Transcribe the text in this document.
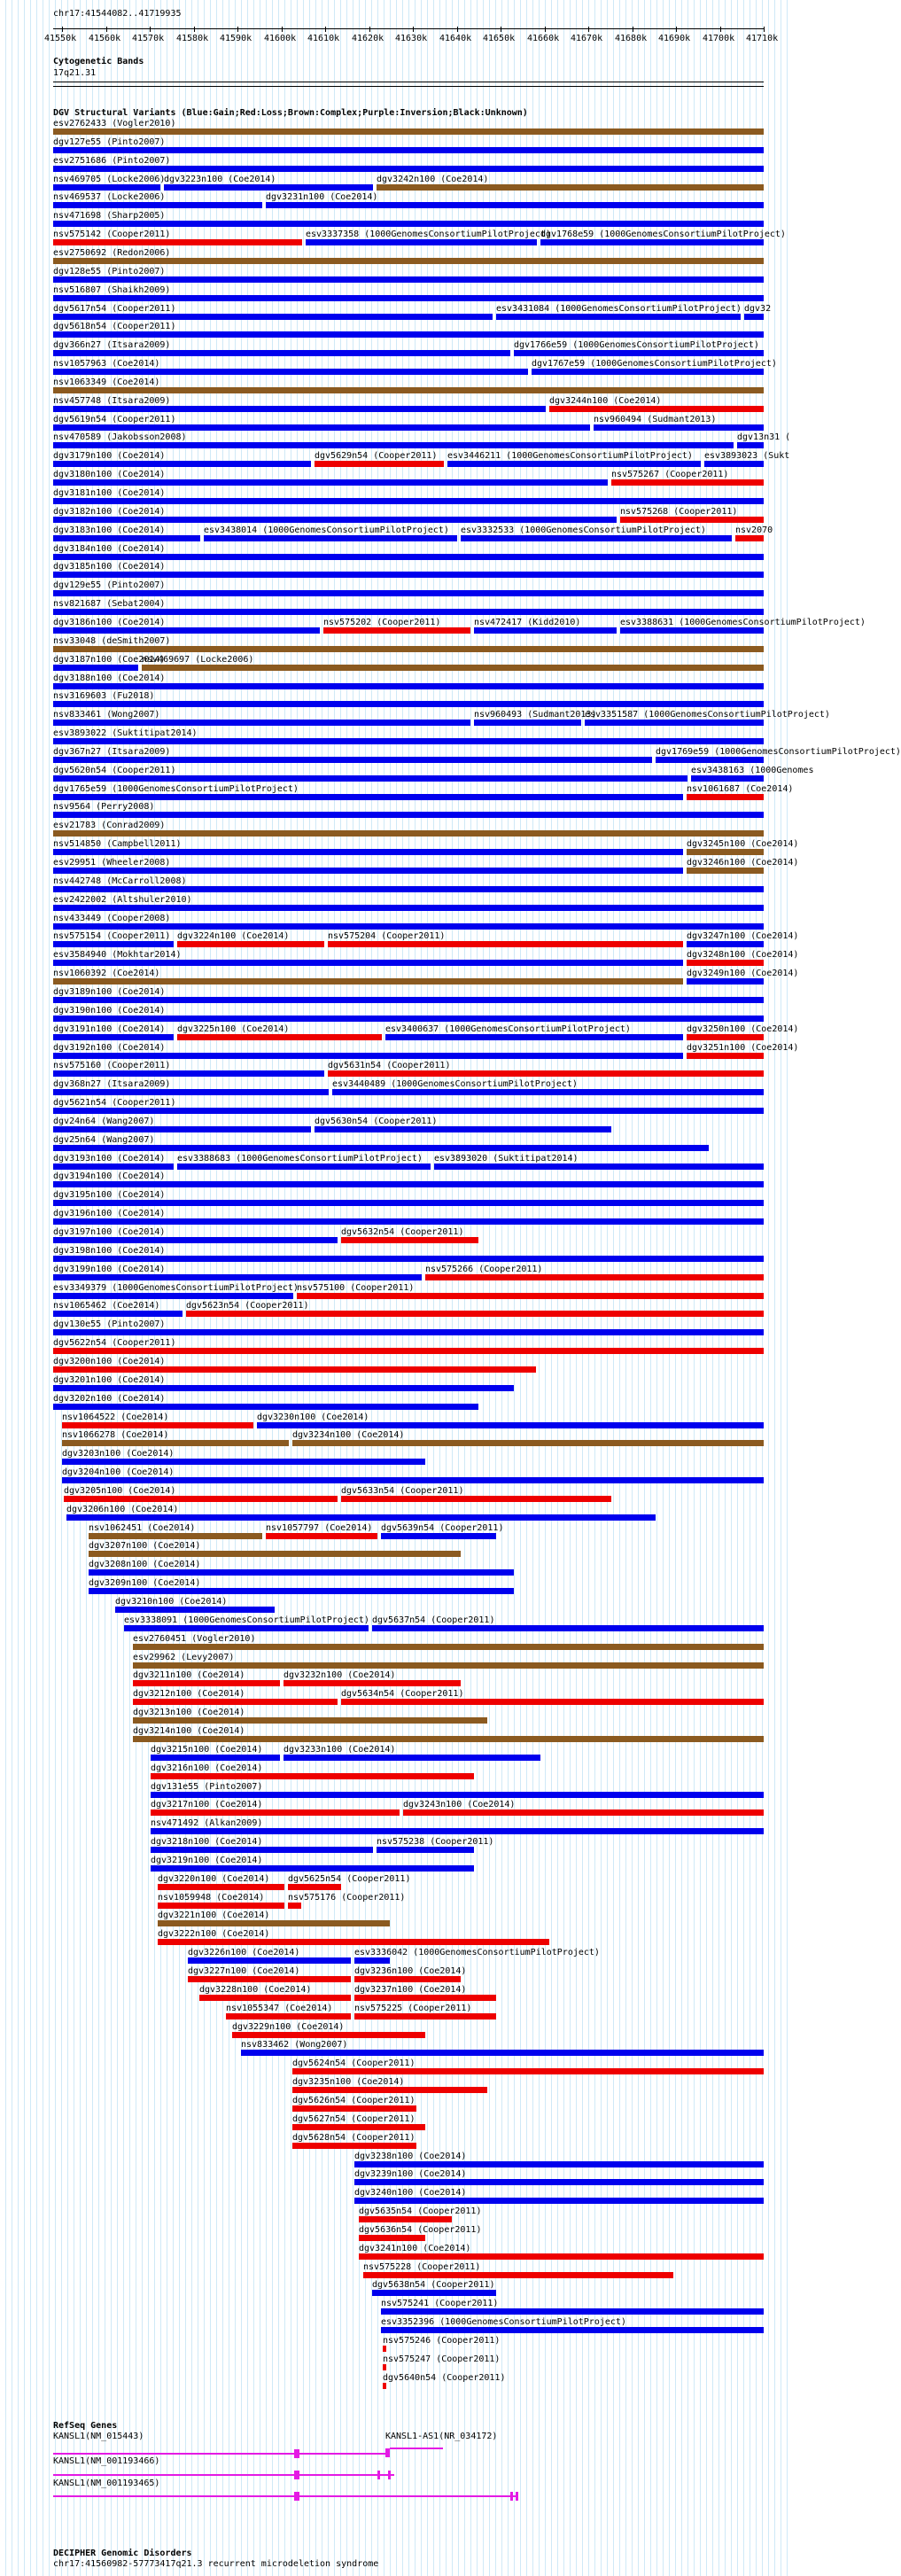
chr17:41544082..41719935
41550k 41560k 41570k 41580k 41590k 41600k 41610k 41620k 41630k 41640k 41650k 41660k 41670k 41680k 41690k 41700k 41710k
Cytogenetic Bands
17q21.31
DGV Structural Variants (Blue:Gain;Red:Loss;Brown:Complex;Purple:Inversion;Black:Unknown)
esv2762433 (Vogler2010)
dgv127e55 (Pinto2007)
esv2751686 (Pinto2007)
nsv469705 (Locke2006)
dgv3223n100 (Coe2014)	dgv3242n100 (Coe2014)
nsv469537 (Locke2006)	dgv3231n100 (Coe2014)
nsv471698 (Sharp2005)
nsv575142 (Cooper2011)	esv3337358 (1000GenomesConsortiumPilotProject)
dgv1768e59 (1000GenomesConsortiumPilotProject)
esv2750692 (Redon2006)
dgv128e55 (Pinto2007)
nsv516807 (Shaikh2009)
dgv5617n54 (Cooper2011)	esv3431084 (1000GenomesConsortiumPilotProject) dgv32
dgv5618n54 (Cooper2011)
dgv366n27 (Itsara2009)	dgv1766e59 (1000GenomesConsortiumPilotProject)
nsv1057963 (Coe2014)	dgv1767e59 (1000GenomesConsortiumPilotProject)
nsv1063349 (Coe2014)
nsv457748 (Itsara2009)	dgv3244n100 (Coe2014)
dgv5619n54 (Cooper2011)	nsv960494 (Sudmant2013)
nsv470589 (Jakobsson2008)	dgv13n31 (
dgv3179n100 (Coe2014)	dgv5629n54 (Cooper2011) esv3446211 (1000GenomesConsortiumPilotProject) esv3893023 (Sukt
dgv3180n100 (Coe2014)	nsv575267 (Cooper2011)
dgv3181n100 (Coe2014)
dgv3182n100 (Coe2014)	nsv575268 (Cooper2011)
dgv3183n100 (Coe2014)	esv3438014 (1000GenomesConsortiumPilotProject) esv3332533 (1000GenomesConsortiumPilotProject)	nsv2070
dgv3184n100 (Coe2014)
dgv3185n100 (Coe2014)
dgv129e55 (Pinto2007)
nsv821687 (Sebat2004)
dgv3186n100 (Coe2014)	nsv575202 (Cooper2011)	nsv472417 (Kidd2010)	esv3388631 (1000GenomesConsortiumPilotProject)
nsv33048 (deSmith2007)
dgv3187n100 (Coe2014)
nsv469697 (Locke2006)
dgv3188n100 (Coe2014)
nsv3169603 (Fu2018)
nsv833461 (Wong2007)	nsv960493 (Sudmant2013)
esv3351587 (1000GenomesConsortiumPilotProject)
esv3893022 (Suktitipat2014)
dgv367n27 (Itsara2009)	dgv1769e59 (1000GenomesConsortiumPilotProject)
dgv5620n54 (Cooper2011)	esv3438163 (1000Genomes
dgv1765e59 (1000GenomesConsortiumPilotProject)	nsv1061687 (Coe2014)
nsv9564 (Perry2008)
esv21783 (Conrad2009)
nsv514850 (Campbell2011)	dgv3245n100 (Coe2014)
esv29951 (Wheeler2008)	dgv3246n100 (Coe2014)
nsv442748 (McCarroll2008)
esv2422002 (Altshuler2010)
nsv433449 (Cooper2008)
nsv575154 (Cooper2011) dgv3224n100 (Coe2014)	nsv575204 (Cooper2011)	dgv3247n100 (Coe2014)
esv3584940 (Mokhtar2014)	dgv3248n100 (Coe2014)
nsv1060392 (Coe2014)	dgv3249n100 (Coe2014)
dgv3189n100 (Coe2014)
dgv3190n100 (Coe2014)
dgv3191n100 (Coe2014) dgv3225n100 (Coe2014)	esv3400637 (1000GenomesConsortiumPilotProject)	dgv3250n100 (Coe2014)
dgv3192n100 (Coe2014)	dgv3251n100 (Coe2014)
nsv575160 (Cooper2011)	dgv5631n54 (Cooper2011)
dgv368n27 (Itsara2009)	esv3440489 (1000GenomesConsortiumPilotProject)
dgv5621n54 (Cooper2011)
dgv24n64 (Wang2007)	dgv5630n54 (Cooper2011)
dgv25n64 (Wang2007)
dgv3193n100 (Coe2014) esv3388683 (1000GenomesConsortiumPilotProject) esv3893020 (Suktitipat2014)
dgv3194n100 (Coe2014)
dgv3195n100 (Coe2014)
dgv3196n100 (Coe2014)
dgv3197n100 (Coe2014)	dgv5632n54 (Cooper2011)
dgv3198n100 (Coe2014)
dgv3199n100 (Coe2014)	nsv575266 (Cooper2011)
esv3349379 (1000GenomesConsortiumPilotProject)
nsv575100 (Cooper2011)
nsv1065462 (Coe2014)	dgv5623n54 (Cooper2011)
dgv130e55 (Pinto2007)
dgv5622n54 (Cooper2011)
dgv3200n100 (Coe2014)
dgv3201n100 (Coe2014)
dgv3202n100 (Coe2014)
nsv1064522 (Coe2014)	dgv3230n100 (Coe2014)
nsv1066278 (Coe2014)	dgv3234n100 (Coe2014)
dgv3203n100 (Coe2014)
dgv3204n100 (Coe2014)
dgv3205n100 (Coe2014)	dgv5633n54 (Cooper2011)
dgv3206n100 (Coe2014)
nsv1062451 (Coe2014)	nsv1057797 (Coe2014) dgv5639n54 (Cooper2011)
dgv3207n100 (Coe2014)
dgv3208n100 (Coe2014)
dgv3209n100 (Coe2014)
dgv3210n100 (Coe2014)
esv3338091 (1000GenomesConsortiumPilotProject) dgv5637n54 (Cooper2011)
esv2760451 (Vogler2010)
esv29962 (Levy2007)
dgv3211n100 (Coe2014)	dgv3232n100 (Coe2014)
dgv3212n100 (Coe2014)	dgv5634n54 (Cooper2011)
dgv3213n100 (Coe2014)
dgv3214n100 (Coe2014)
dgv3215n100 (Coe2014) dgv3233n100 (Coe2014)
dgv3216n100 (Coe2014)
dgv131e55 (Pinto2007)
dgv3217n100 (Coe2014)	dgv3243n100 (Coe2014)
nsv471492 (Alkan2009)
dgv3218n100 (Coe2014)	nsv575238 (Cooper2011)
dgv3219n100 (Coe2014)
dgv3220n100 (Coe2014) dgv5625n54 (Cooper2011)
nsv1059948 (Coe2014)	nsv575176 (Cooper2011)
dgv3221n100 (Coe2014)
dgv3222n100 (Coe2014)
dgv3226n100 (Coe2014)	esv3336042 (1000GenomesConsortiumPilotProject)
dgv3227n100 (Coe2014)	dgv3236n100 (Coe2014)
dgv3228n100 (Coe2014)	dgv3237n100 (Coe2014)
nsv1055347 (Coe2014) nsv575225 (Cooper2011)
dgv3229n100 (Coe2014)
nsv833462 (Wong2007)
dgv5624n54 (Cooper2011)
dgv3235n100 (Coe2014)
dgv5626n54 (Cooper2011)
dgv5627n54 (Cooper2011)
dgv5628n54 (Cooper2011)
dgv3238n100 (Coe2014)
dgv3239n100 (Coe2014)
dgv3240n100 (Coe2014)
dgv5635n54 (Cooper2011)
dgv5636n54 (Cooper2011)
dgv3241n100 (Coe2014)
nsv575228 (Cooper2011)
dgv5638n54 (Cooper2011)
nsv575241 (Cooper2011)
esv3352396 (1000GenomesConsortiumPilotProject)
nsv575246 (Cooper2011)
nsv575247 (Cooper2011)
dgv5640n54 (Cooper2011)
RefSeq Genes
KANSL1(NM_015443)	KANSL1-AS1(NR_034172)
KANSL1(NM_001193466)
KANSL1(NM_001193465)
DECIPHER Genomic Disorders
chr17:41560982-57773417q21.3 recurrent microdeletion syndrome
